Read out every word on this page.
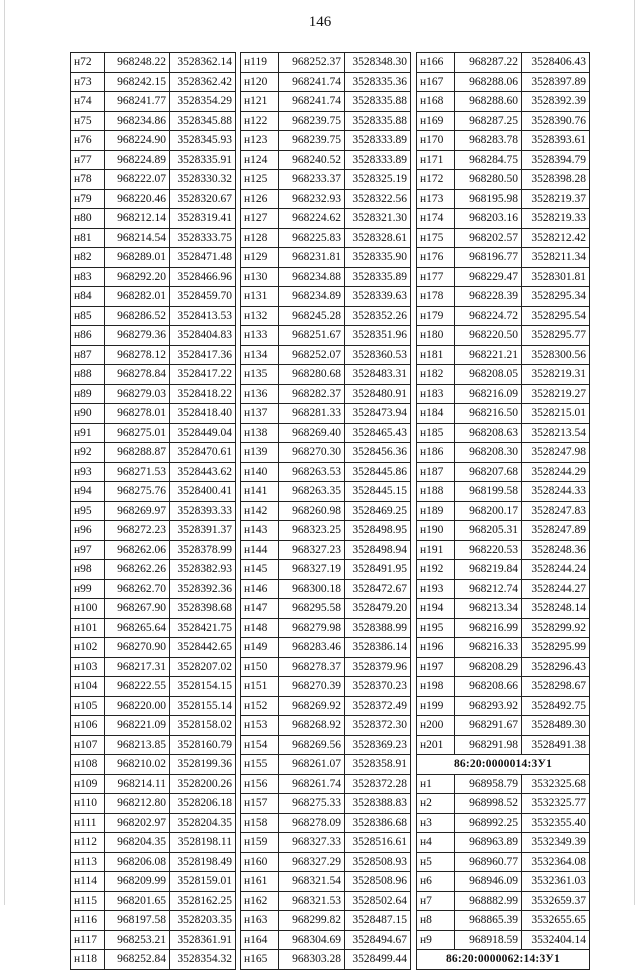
146
н72	968248.22	3528362.14
н73	968242.15	3528362.42
н74	968241.77	3528354.29
н75	968234.86	3528345.88
н76	968224.90	3528345.93
н77	968224.89	3528335.91
н78	968222.07	3528330.32
н79	968220.46	3528320.67
н80	968212.14	3528319.41
н81	968214.54	3528333.75
н82	968289.01	3528471.48
н83	968292.20	3528466.96
н84	968282.01	3528459.70
н85	968286.52	3528413.53
н86	968279.36	3528404.83
н87	968278.12	3528417.36
н88	968278.84	3528417.22
н89	968279.03	3528418.22
н90	968278.01	3528418.40
н91	968275.01	3528449.04
н92	968288.87	3528470.61
н93	968271.53	3528443.62
н94	968275.76	3528400.41
н95	968269.97	3528393.33
н96	968272.23	3528391.37
н97	968262.06	3528378.99
н98	968262.26	3528382.93
н99	968262.70	3528392.36
н100	968267.90	3528398.68
н101	968265.64	3528421.75
н102	968270.90	3528442.65
н103	968217.31	3528207.02
н104	968222.55	3528154.15
н105	968220.00	3528155.14
н106	968221.09	3528158.02
н107	968213.85	3528160.79
н108	968210.02	3528199.36
н109	968214.11	3528200.26
н110	968212.80	3528206.18
н111	968202.97	3528204.35
н112	968204.35	3528198.11
н113	968206.08	3528198.49
н114	968209.99	3528159.01
н115	968201.65	3528162.25
н116	968197.58	3528203.35
н117	968253.21	3528361.91
н118	968252.84	3528354.32
н119	968252.37	3528348.30
н120	968241.74	3528335.36
н121	968241.74	3528335.88
н122	968239.75	3528335.88
н123	968239.75	3528333.89
н124	968240.52	3528333.89
н125	968233.37	3528325.19
н126	968232.93	3528322.56
н127	968224.62	3528321.30
н128	968225.83	3528328.61
н129	968231.81	3528335.90
н130	968234.88	3528335.89
н131	968234.89	3528339.63
н132	968245.28	3528352.26
н133	968251.67	3528351.96
н134	968252.07	3528360.53
н135	968280.68	3528483.31
н136	968282.37	3528480.91
н137	968281.33	3528473.94
н138	968269.40	3528465.43
н139	968270.30	3528456.36
н140	968263.53	3528445.86
н141	968263.35	3528445.15
н142	968260.98	3528469.25
н143	968323.25	3528498.95
н144	968327.23	3528498.94
н145	968327.19	3528491.95
н146	968300.18	3528472.67
н147	968295.58	3528479.20
н148	968279.98	3528388.99
н149	968283.46	3528386.14
н150	968278.37	3528379.96
н151	968270.39	3528370.23
н152	968269.92	3528372.49
н153	968268.92	3528372.30
н154	968269.56	3528369.23
н155	968261.07	3528358.91
н156	968261.74	3528372.28
н157	968275.33	3528388.83
н158	968278.09	3528386.68
н159	968327.33	3528516.61
н160	968327.29	3528508.93
н161	968321.54	3528508.96
н162	968321.53	3528502.64
н163	968299.82	3528487.15
н164	968304.69	3528494.67
н165	968303.28	3528499.44
н166	968287.22	3528406.43
н167	968288.06	3528397.89
н168	968288.60	3528392.39
н169	968287.25	3528390.76
н170	968283.78	3528393.61
н171	968284.75	3528394.79
н172	968280.50	3528398.28
н173	968195.98	3528219.37
н174	968203.16	3528219.33
н175	968202.57	3528212.42
н176	968196.77	3528211.34
н177	968229.47	3528301.81
н178	968228.39	3528295.34
н179	968224.72	3528295.54
н180	968220.50	3528295.77
н181	968221.21	3528300.56
н182	968208.05	3528219.31
н183	968216.09	3528219.27
н184	968216.50	3528215.01
н185	968208.63	3528213.54
н186	968208.30	3528247.98
н187	968207.68	3528244.29
н188	968199.58	3528244.33
н189	968200.17	3528247.83
н190	968205.31	3528247.89
н191	968220.53	3528248.36
н192	968219.84	3528244.24
н193	968212.74	3528244.27
н194	968213.34	3528248.14
н195	968216.99	3528299.92
н196	968216.33	3528295.99
н197	968208.29	3528296.43
н198	968208.66	3528298.67
н199	968293.92	3528492.75
н200	968291.67	3528489.30
н201	968291.98	3528491.38
86:20:0000014:3У1		
н1	968958.79	3532325.68
н2	968998.52	3532325.77
н3	968992.25	3532355.40
н4	968963.89	3532349.39
н5	968960.77	3532364.08
н6	968946.09	3532361.03
н7	968882.99	3532659.37
н8	968865.39	3532655.65
н9	968918.59	3532404.14
86:20:0000062:14:3У1		
